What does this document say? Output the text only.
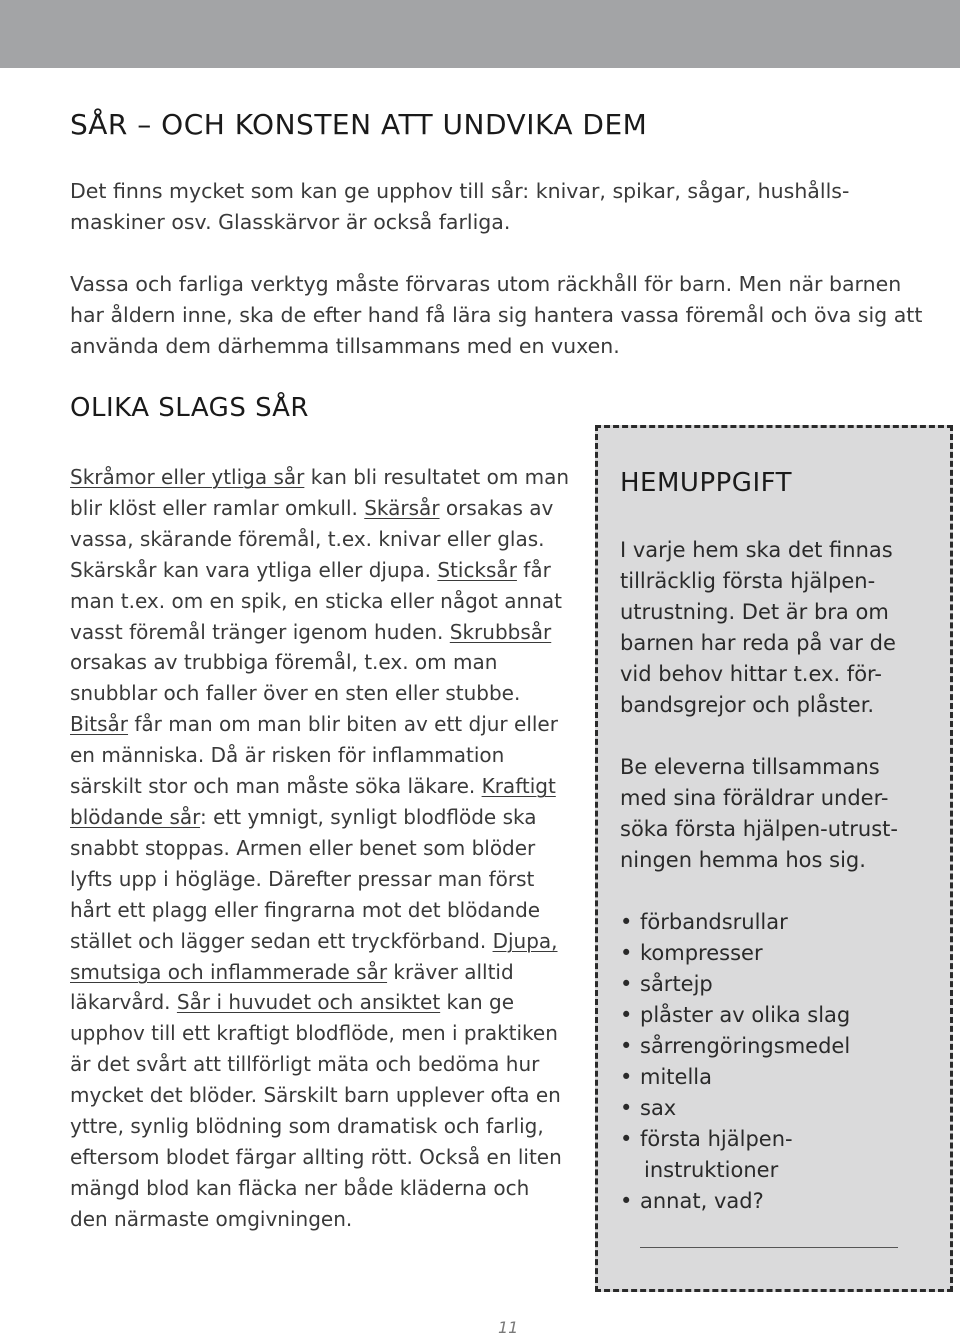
SÅR – OCH KONSTEN ATT UNDVIKA DEM

Det finns mycket som kan ge upphov till sår: knivar, spikar, sågar, hushålls-maskiner osv. Glasskärvor är också farliga.

Vassa och farliga verktyg måste förvaras utom räckhåll för barn. Men när barnen har åldern inne, ska de efter hand få lära sig hantera vassa föremål och öva sig att använda dem därhemma tillsammans med en vuxen.

OLIKA SLAGS SÅR
Skråmor eller ytliga sår kan bli resultatet om man blir klöst eller ramlar omkull. Skärsår orsakas av vassa, skärande föremål, t.ex. knivar eller glas. Skärskår kan vara ytliga eller djupa. Sticksår får man t.ex. om en spik, en sticka eller något annat vasst föremål tränger igenom huden. Skrubbsår orsakas av trubbiga föremål, t.ex. om man snubblar och faller över en sten eller stubbe. Bitsår får man om man blir biten av ett djur eller en människa. Då är risken för inflammation särskilt stor och man måste söka läkare. Kraftigt blödande sår: ett ymnigt, synligt blodflöde ska snabbt stoppas. Armen eller benet som blöder lyfts upp i högläge. Därefter pressar man först hårt ett plagg eller fingrarna mot det blödande stället och lägger sedan ett tryckförband. Djupa, smutsiga och inflammerade sår kräver alltid läkarvård. Sår i huvudet och ansiktet kan ge upphov till ett kraftigt blodflöde, men i praktiken är det svårt att tillförligt mäta och bedöma hur mycket det blöder. Särskilt barn upplever ofta en yttre, synlig blödning som dramatisk och farlig, eftersom blodet färgar allting rött. Också en liten mängd blod kan fläcka ner både kläderna och den närmaste omgivningen.
HEMUPPGIFT
I varje hem ska det finnas
tillräcklig första hjälpen-
utrustning. Det är bra om
barnen har reda på var de
vid behov hittar t.ex. för-
bandsgrejor och plåster.
Be eleverna tillsammans
med sina föräldrar under-
söka första hjälpen-utrust-
ningen hemma hos sig.
• förbandsrullar
• kompresser
• sårtejp
• plåster av olika slag
• sårrengöringsmedel
• mitella
• sax
• första hjälpen-
instruktioner
• annat, vad?
11
